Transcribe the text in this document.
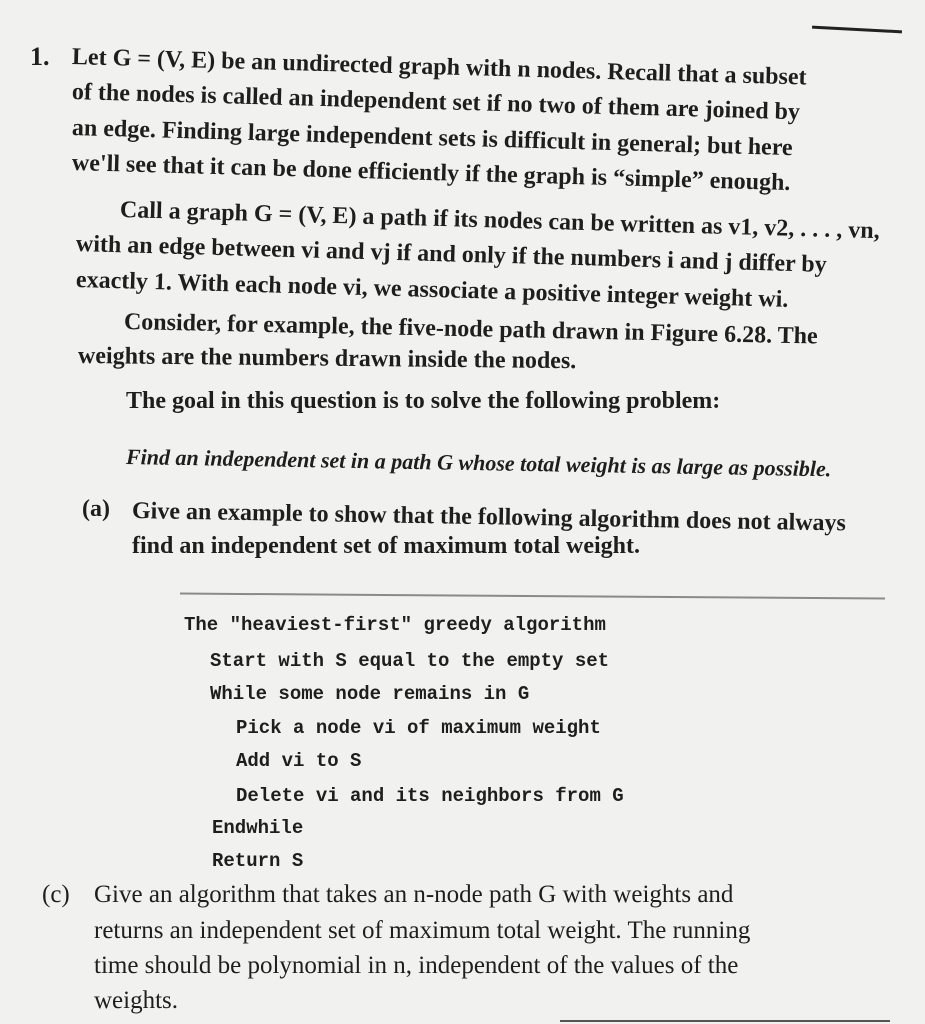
1. Let G = (V, E) be an undirected graph with n nodes. Recall that a subset
of the nodes is called an independent set if no two of them are joined by
an edge. Finding large independent sets is difficult in general; but here
we'll see that it can be done efficiently if the graph is “simple” enough.
Call a graph G = (V, E) a path if its nodes can be written as v1, v2, . . . , vn,
with an edge between vi and vj if and only if the numbers i and j differ by
exactly 1. With each node vi, we associate a positive integer weight wi.
Consider, for example, the five-node path drawn in Figure 6.28. The
weights are the numbers drawn inside the nodes.
The goal in this question is to solve the following problem:
Find an independent set in a path G whose total weight is as large as possible.
(a) Give an example to show that the following algorithm does not always
find an independent set of maximum total weight.
The "heaviest-first" greedy algorithm
Start with S equal to the empty set
While some node remains in G
Pick a node vi of maximum weight
Add vi to S
Delete vi and its neighbors from G
Endwhile
Return S
(c) Give an algorithm that takes an n-node path G with weights and
returns an independent set of maximum total weight. The running
time should be polynomial in n, independent of the values of the
weights.
